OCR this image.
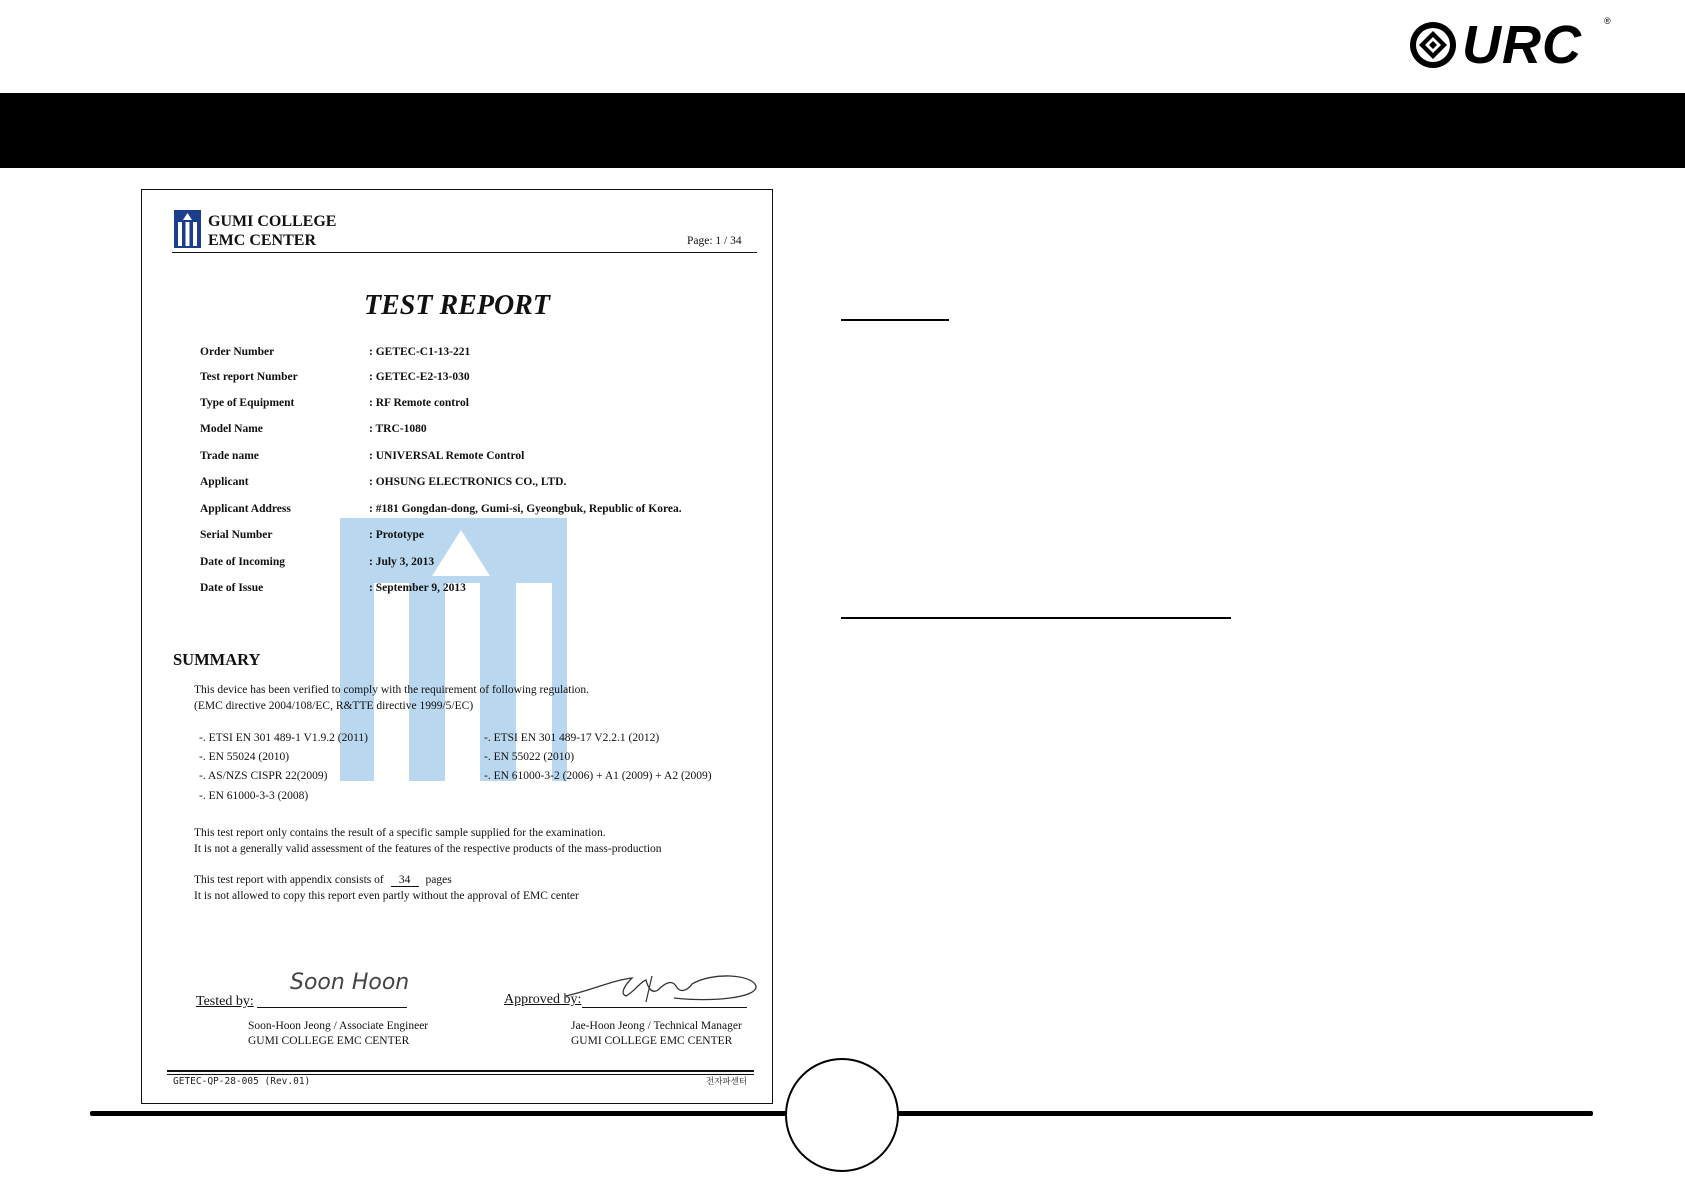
URC ®
GUMI COLLEGE
EMC CENTER	Page: 1 / 34
TEST REPORT
Order Number	: GETEC-C1-13-221
Test report Number	: GETEC-E2-13-030
Type of Equipment	: RF Remote control
Model Name	: TRC-1080
Trade name	: UNIVERSAL Remote Control
Applicant	: OHSUNG ELECTRONICS CO., LTD.
Applicant Address	: #181 Gongdan-dong, Gumi-si, Gyeongbuk, Republic of Korea.
Serial Number	: Prototype
Date of Incoming	: July 3, 2013
Date of Issue	: September 9, 2013
SUMMARY
This device has been verified to comply with the requirement of following regulation.
(EMC directive 2004/108/EC, R&TTE directive 1999/5/EC)
-. ETSI EN 301 489-1 V1.9.2 (2011)
-. EN 55024 (2010)
-. AS/NZS CISPR 22(2009)
-. EN 61000-3-3 (2008)
-. ETSI EN 301 489-17 V2.2.1 (2012)
-. EN 55022 (2010)
-. EN 61000-3-2 (2006) + A1 (2009) + A2 (2009)
This test report only contains the result of a specific sample supplied for the examination.
It is not a generally valid assessment of the features of the respective products of the mass-production
This test report with appendix consists of 34 pages
It is not allowed to copy this report even partly without the approval of EMC center
Tested by:
Soon Hoon
Soon-Hoon Jeong / Associate Engineer
GUMI COLLEGE EMC CENTER
Approved by:
Jae-Hoon Jeong / Technical Manager
GUMI COLLEGE EMC CENTER
GETEC-QP-28-005 (Rev.01)	전자파센터
